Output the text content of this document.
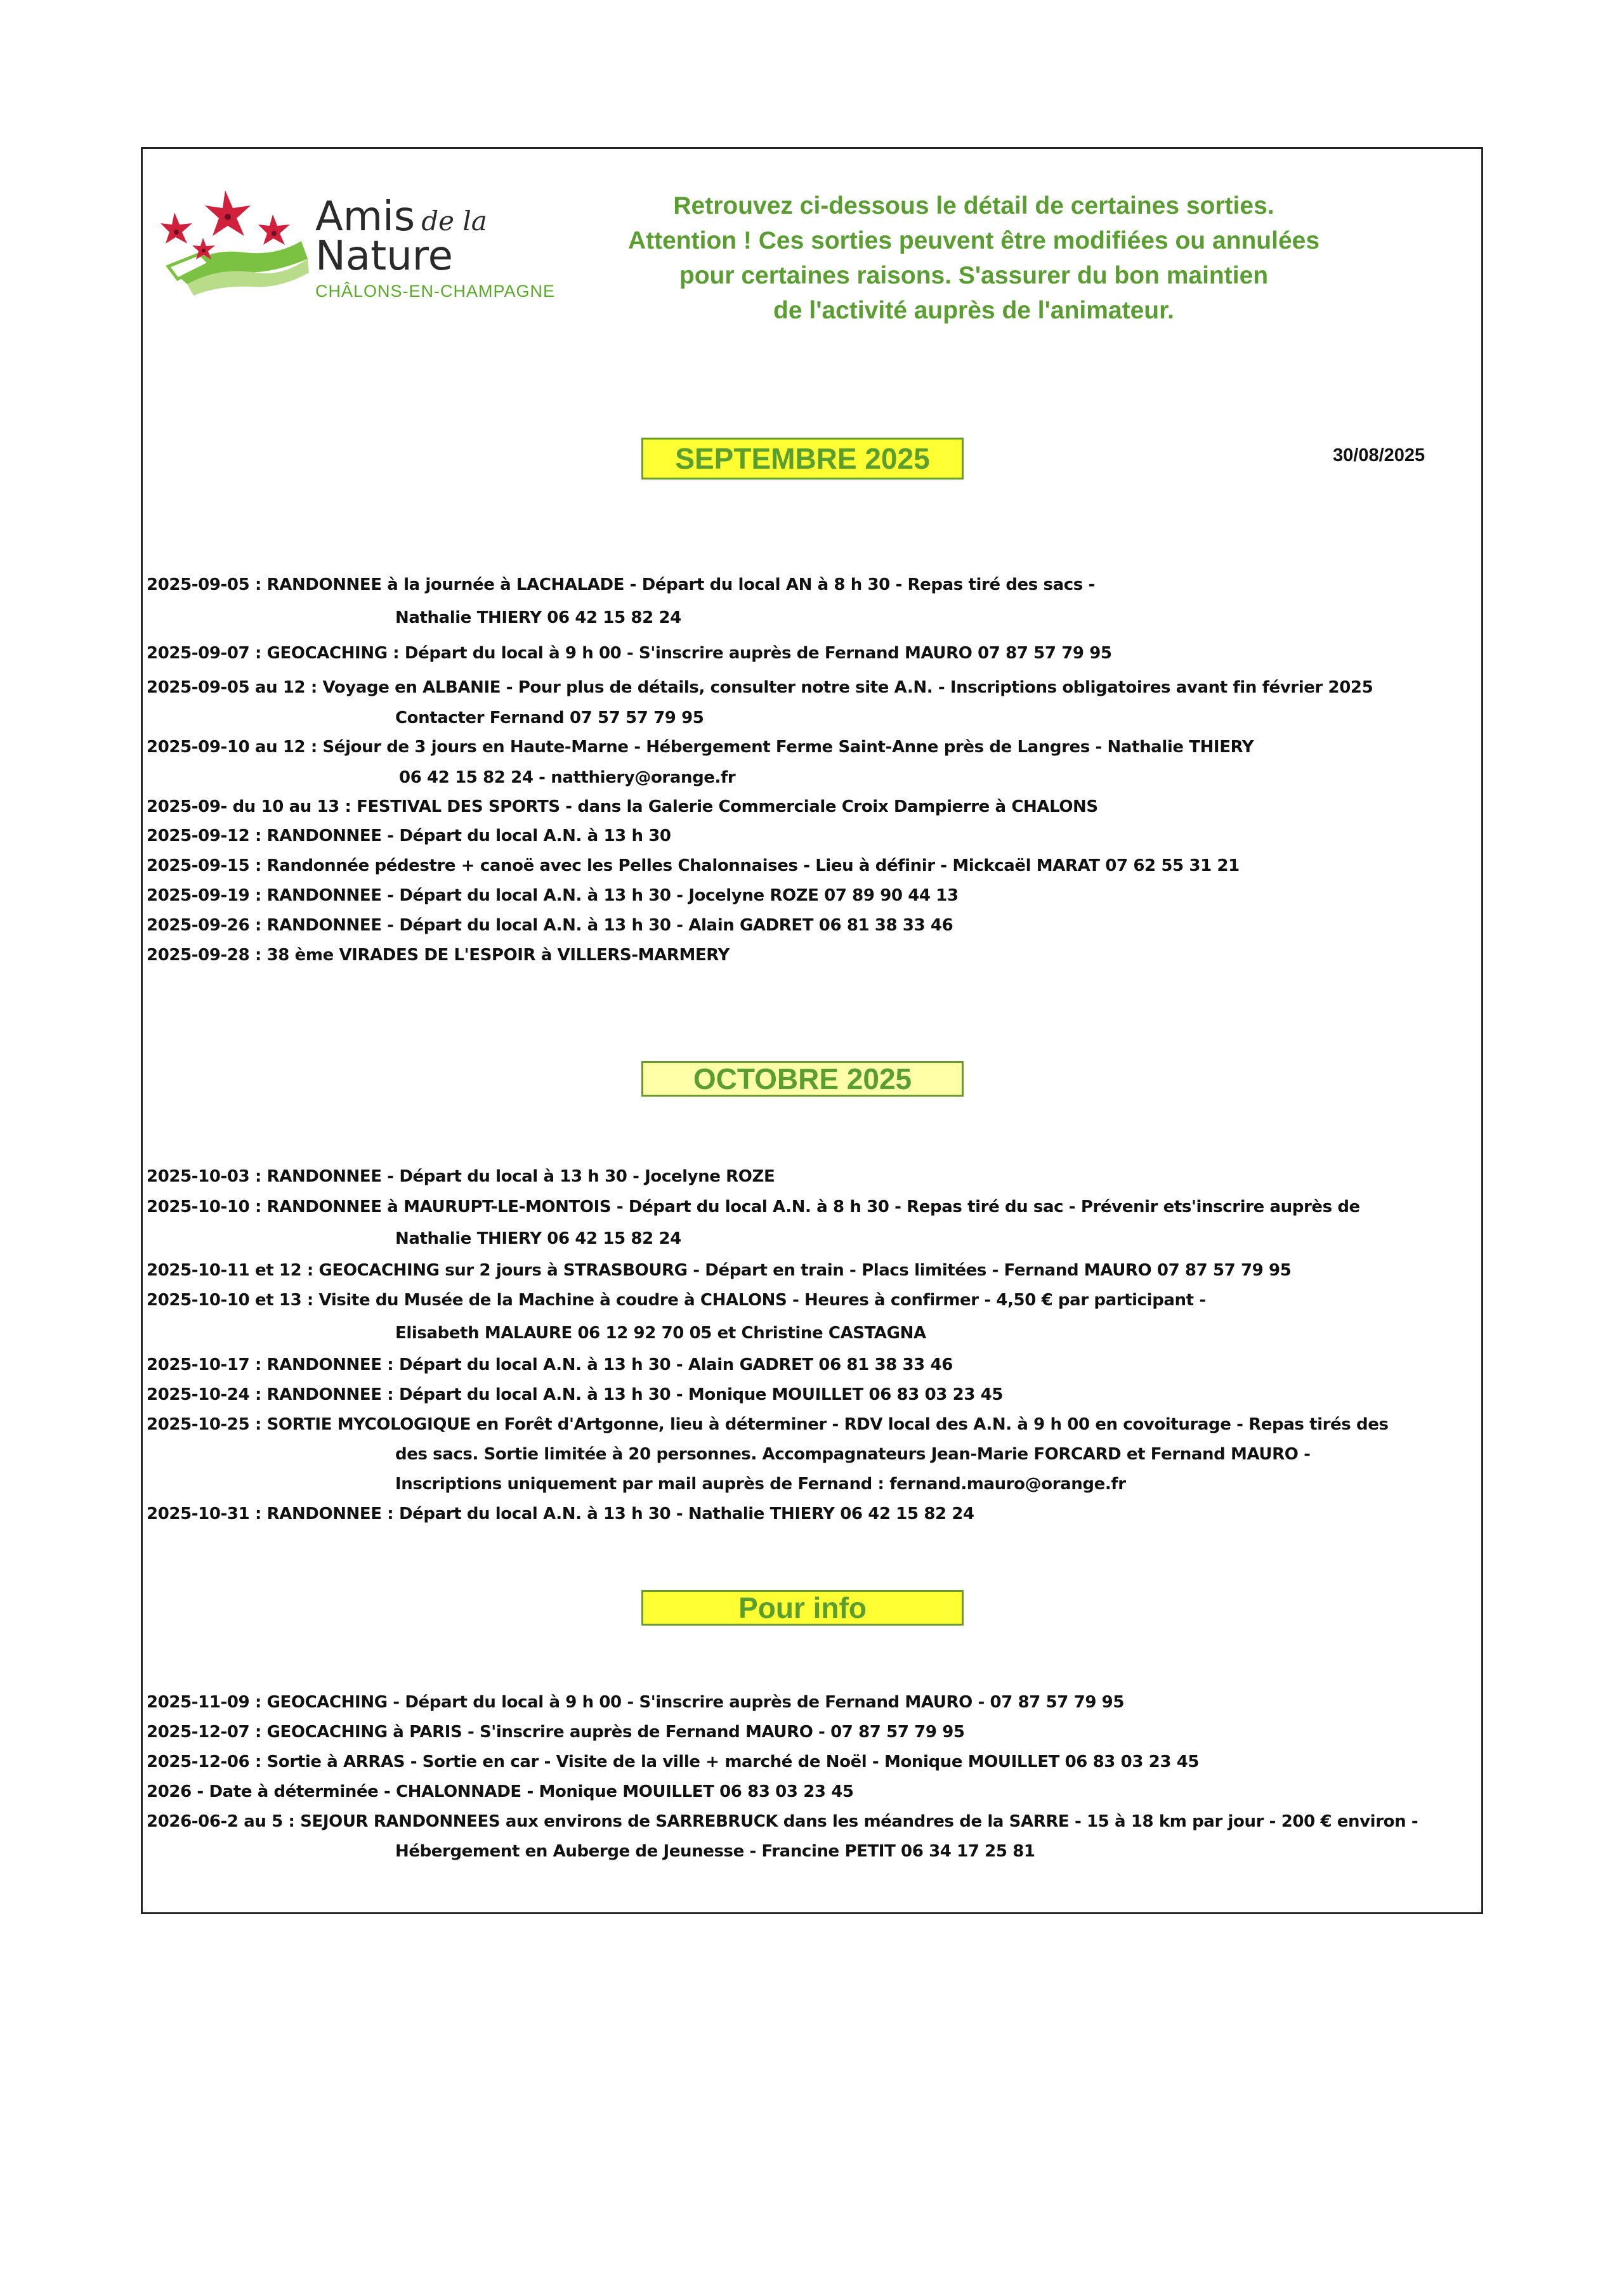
Amis de la
Nature
CHÂLONS-EN-CHAMPAGNE
Retrouvez ci-dessous le détail de certaines sorties.
Attention ! Ces sorties peuvent être modifiées ou annulées
pour certaines raisons. S'assurer du bon maintien
de l'activité auprès de l'animateur.
SEPTEMBRE 2025	30/08/2025
2025-09-05 : RANDONNEE à la journée à LACHALADE - Départ du local AN à 8 h 30 - Repas tiré des sacs -
Nathalie THIERY 06 42 15 82 24
2025-09-07 : GEOCACHING : Départ du local à 9 h 00 - S'inscrire auprès de Fernand MAURO 07 87 57 79 95
2025-09-05 au 12 : Voyage en ALBANIE - Pour plus de détails, consulter notre site A.N. - Inscriptions obligatoires avant fin février 2025
Contacter Fernand 07 57 57 79 95
2025-09-10 au 12 : Séjour de 3 jours en Haute-Marne - Hébergement Ferme Saint-Anne près de Langres - Nathalie THIERY
06 42 15 82 24 - natthiery@orange.fr
2025-09- du 10 au 13 : FESTIVAL DES SPORTS - dans la Galerie Commerciale Croix Dampierre à CHALONS
2025-09-12 : RANDONNEE - Départ du local A.N. à 13 h 30
2025-09-15 : Randonnée pédestre + canoë avec les Pelles Chalonnaises - Lieu à définir - Mickcaël MARAT 07 62 55 31 21
2025-09-19 : RANDONNEE - Départ du local A.N. à 13 h 30 - Jocelyne ROZE 07 89 90 44 13
2025-09-26 : RANDONNEE - Départ du local A.N. à 13 h 30 - Alain GADRET 06 81 38 33 46
2025-09-28 : 38 ème VIRADES DE L'ESPOIR à VILLERS-MARMERY
OCTOBRE 2025
2025-10-03 : RANDONNEE - Départ du local à 13 h 30 - Jocelyne ROZE
2025-10-10 : RANDONNEE à MAURUPT-LE-MONTOIS - Départ du local A.N. à 8 h 30 - Repas tiré du sac - Prévenir ets'inscrire auprès de
Nathalie THIERY 06 42 15 82 24
2025-10-11 et 12 : GEOCACHING sur 2 jours à STRASBOURG - Départ en train - Placs limitées - Fernand MAURO 07 87 57 79 95
2025-10-10 et 13 : Visite du Musée de la Machine à coudre à CHALONS - Heures à confirmer - 4,50 € par participant -
Elisabeth MALAURE 06 12 92 70 05 et Christine CASTAGNA
2025-10-17 : RANDONNEE : Départ du local A.N. à 13 h 30 - Alain GADRET 06 81 38 33 46
2025-10-24 : RANDONNEE : Départ du local A.N. à 13 h 30 - Monique MOUILLET 06 83 03 23 45
2025-10-25 : SORTIE MYCOLOGIQUE en Forêt d'Artgonne, lieu à déterminer - RDV local des A.N. à 9 h 00 en covoiturage - Repas tirés des
des sacs. Sortie limitée à 20 personnes. Accompagnateurs Jean-Marie FORCARD et Fernand MAURO -
Inscriptions uniquement par mail auprès de Fernand : fernand.mauro@orange.fr
2025-10-31 : RANDONNEE : Départ du local A.N. à 13 h 30 - Nathalie THIERY 06 42 15 82 24
Pour info
2025-11-09 : GEOCACHING - Départ du local à 9 h 00 - S'inscrire auprès de Fernand MAURO - 07 87 57 79 95
2025-12-07 : GEOCACHING à PARIS - S'inscrire auprès de Fernand MAURO - 07 87 57 79 95
2025-12-06 : Sortie à ARRAS - Sortie en car - Visite de la ville + marché de Noël - Monique MOUILLET 06 83 03 23 45
2026 - Date à déterminée - CHALONNADE - Monique MOUILLET 06 83 03 23 45
2026-06-2 au 5 : SEJOUR RANDONNEES aux environs de SARREBRUCK dans les méandres de la SARRE - 15 à 18 km par jour - 200 € environ -
Hébergement en Auberge de Jeunesse - Francine PETIT 06 34 17 25 81
